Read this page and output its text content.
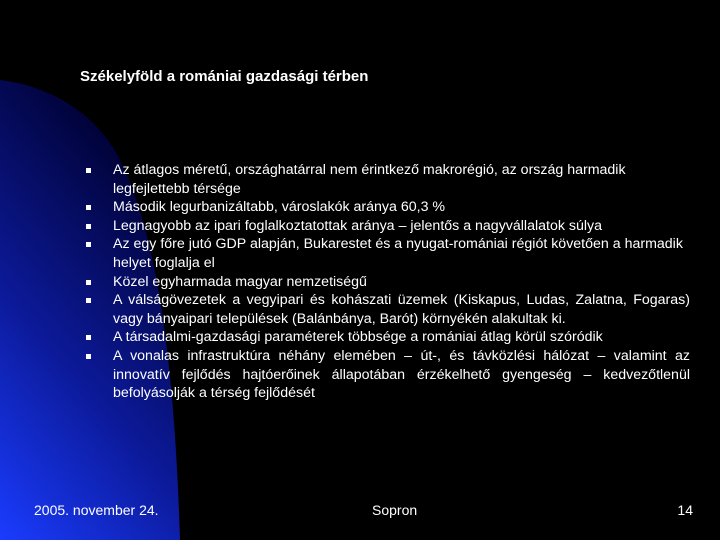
Székelyföld a romániai gazdasági térben
Az átlagos méretű, országhatárral nem érintkező makrorégió, az ország harmadik legfejlettebb térsége
Második legurbanizáltabb, városlakók aránya 60,3 %
Legnagyobb az ipari foglalkoztatottak aránya – jelentős a nagyvállalatok súlya
Az egy főre jutó GDP alapján, Bukarestet és a nyugat-romániai régiót követően a harmadik helyet foglalja el
Közel egyharmada magyar nemzetiségű
A válságövezetek a vegyipari és kohászati üzemek (Kiskapus, Ludas, Zalatna, Fogaras) vagy bányaipari települések (Balánbánya, Barót) környékén alakultak ki.
A társadalmi-gazdasági paraméterek többsége a romániai átlag körül szóródik
A vonalas infrastruktúra néhány elemében – út-, és távközlési hálózat – valamint az innovatív fejlődés hajtóerőinek állapotában érzékelhető gyengeség – kedvezőtlenül befolyásolják a térség fejlődését

2005. november 24.	Sopron	14
